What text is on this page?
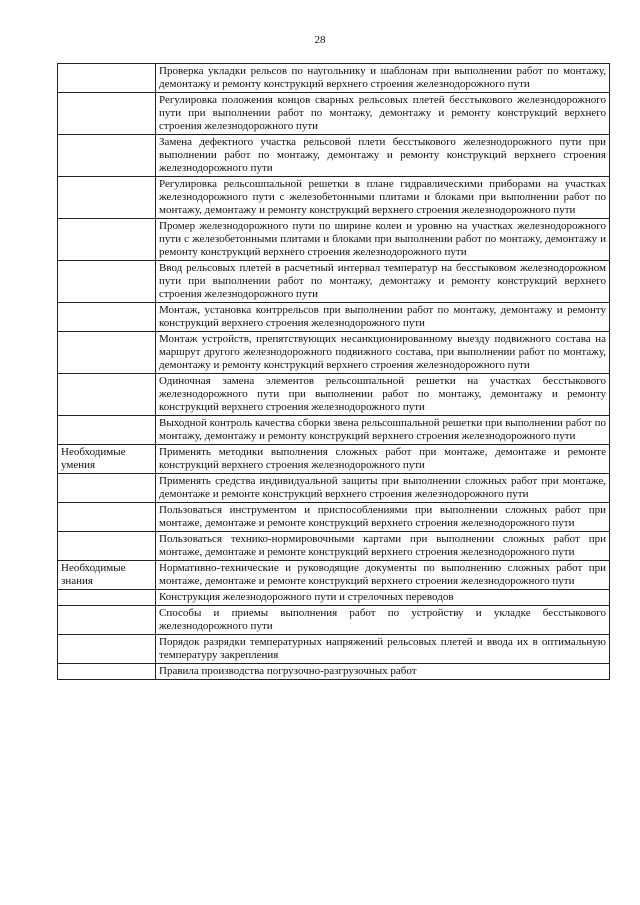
28
	Проверка укладки рельсов по наугольнику и шаблонам при выполнении работ по монтажу, демонтажу и ремонту конструкций верхнего строения железнодорожного пути
	Регулировка положения концов сварных рельсовых плетей бесстыкового железнодорожного пути при выполнении работ по монтажу, демонтажу и ремонту конструкций верхнего строения железнодорожного пути
	Замена дефектного участка рельсовой плети бесстыкового железнодорожного пути при выполнении работ по монтажу, демонтажу и ремонту конструкций верхнего строения железнодорожного пути
	Регулировка рельсошпальной решетки в плане гидравлическими приборами на участках железнодорожного пути с железобетонными плитами и блоками при выполнении работ по монтажу, демонтажу и ремонту конструкций верхнего строения железнодорожного пути
	Промер железнодорожного пути по ширине колеи и уровню на участках железнодорожного пути с железобетонными плитами и блоками при выполнении работ по монтажу, демонтажу и ремонту конструкций верхнего строения железнодорожного пути
	Ввод рельсовых плетей в расчетный интервал температур на бесстыковом железнодорожном пути при выполнении работ по монтажу, демонтажу и ремонту конструкций верхнего строения железнодорожного пути
	Монтаж, установка контррельсов при выполнении работ по монтажу, демонтажу и ремонту конструкций верхнего строения железнодорожного пути
	Монтаж устройств, препятствующих несанкционированному выезду подвижного состава на маршрут другого железнодорожного подвижного состава, при выполнении работ по монтажу, демонтажу и ремонту конструкций верхнего строения железнодорожного пути
	Одиночная замена элементов рельсошпальной решетки на участках бесстыкового железнодорожного пути при выполнении работ по монтажу, демонтажу и ремонту конструкций верхнего строения железнодорожного пути
	Выходной контроль качества сборки звена рельсошпальной решетки при выполнении работ по монтажу, демонтажу и ремонту конструкций верхнего строения железнодорожного пути
Необходимые умения	Применять методики выполнения сложных работ при монтаже, демонтаже и ремонте конструкций верхнего строения железнодорожного пути
	Применять средства индивидуальной защиты при выполнении сложных работ при монтаже, демонтаже и ремонте конструкций верхнего строения железнодорожного пути
	Пользоваться инструментом и приспособлениями при выполнении сложных работ при монтаже, демонтаже и ремонте конструкций верхнего строения железнодорожного пути
	Пользоваться технико-нормировочными картами при выполнении сложных работ при монтаже, демонтаже и ремонте конструкций верхнего строения железнодорожного пути
Необходимые знания	Нормативно-технические и руководящие документы по выполнению сложных работ при монтаже, демонтаже и ремонте конструкций верхнего строения железнодорожного пути
	Конструкция железнодорожного пути и стрелочных переводов
	Способы и приемы выполнения работ по устройству и укладке бесстыкового железнодорожного пути
	Порядок разрядки температурных напряжений рельсовых плетей и ввода их в оптимальную температуру закрепления
	Правила производства погрузочно-разгрузочных работ
